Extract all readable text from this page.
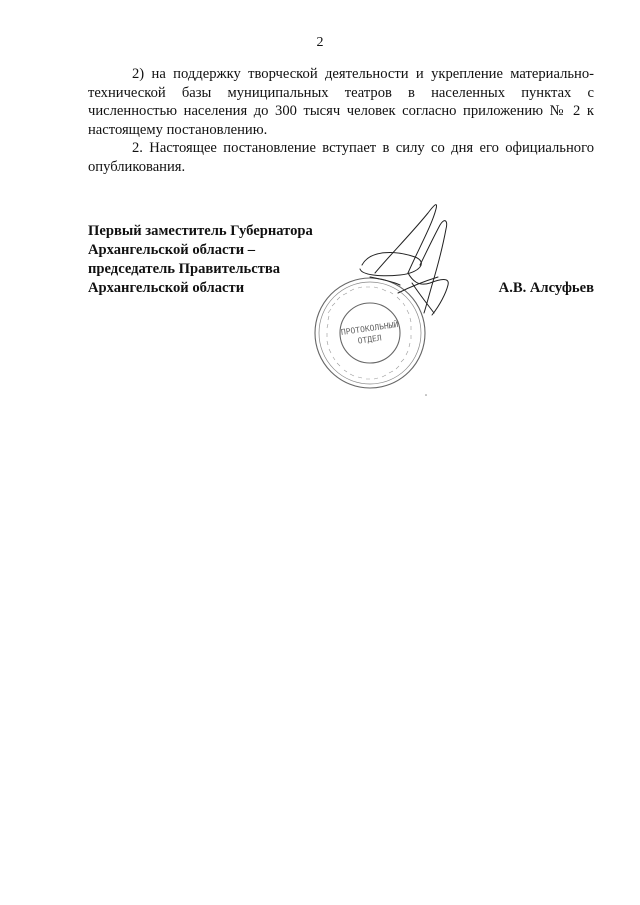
2

2) на поддержку творческой деятельности и укрепление материально-технической базы муниципальных театров в населенных пунктах с численностью населения до 300 тысяч человек согласно приложению № 2 к настоящему постановлению.

2. Настоящее постановление вступает в силу со дня его официального опубликования.

Первый заместитель Губернатора
Архангельской области –
председатель Правительства
Архангельской области	А.В. Алсуфьев
ПРОТОКОЛЬНЫЙ
ОТДЕЛ
